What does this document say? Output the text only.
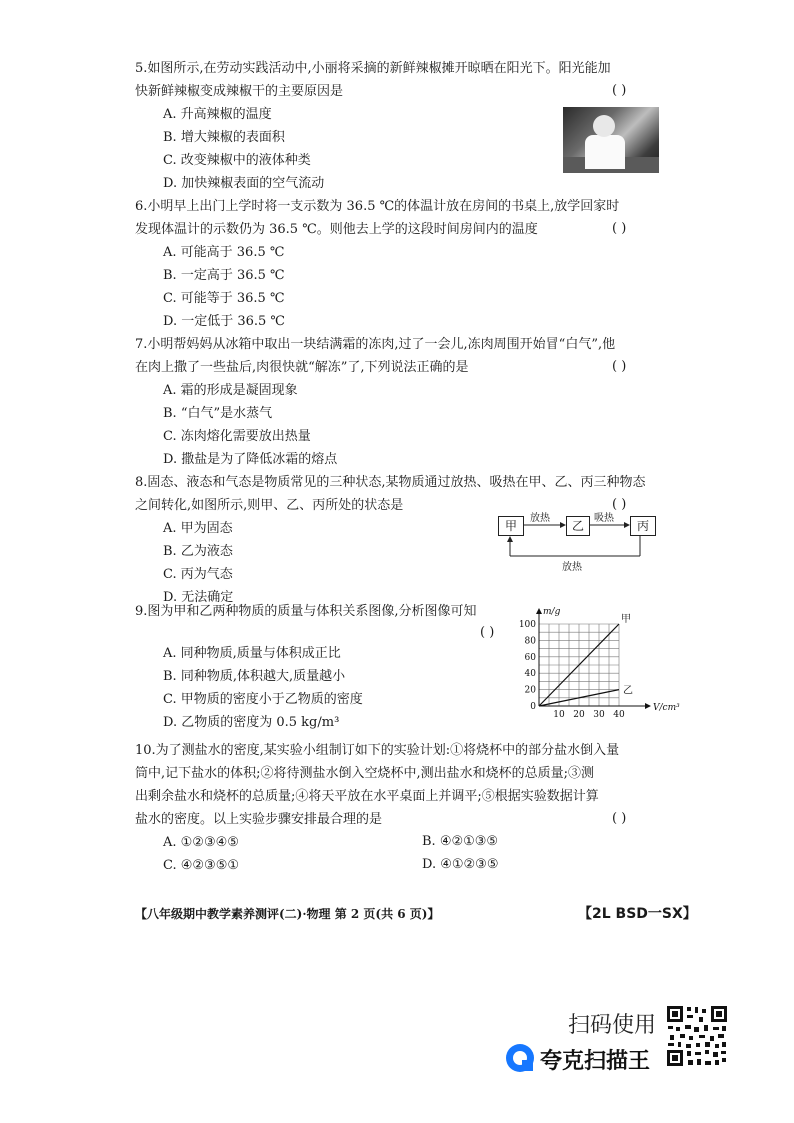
5.如图所示,在劳动实践活动中,小丽将采摘的新鲜辣椒摊开晾晒在阳光下。阳光能加
快新鲜辣椒变成辣椒干的主要原因是	( )
A. 升高辣椒的温度
B. 增大辣椒的表面积
C. 改变辣椒中的液体种类
D. 加快辣椒表面的空气流动
6.小明早上出门上学时将一支示数为 36.5 ℃的体温计放在房间的书桌上,放学回家时
发现体温计的示数仍为 36.5 ℃。则他去上学的这段时间房间内的温度	( )
A. 可能高于 36.5 ℃
B. 一定高于 36.5 ℃
C. 可能等于 36.5 ℃
D. 一定低于 36.5 ℃
7.小明帮妈妈从冰箱中取出一块结满霜的冻肉,过了一会儿,冻肉周围开始冒“白气”,他
在肉上撒了一些盐后,肉很快就“解冻”了,下列说法正确的是	( )
A. 霜的形成是凝固现象
B. “白气”是水蒸气
C. 冻肉熔化需要放出热量
D. 撒盐是为了降低冰霜的熔点
8.固态、液态和气态是物质常见的三种状态,某物质通过放热、吸热在甲、乙、丙三种物态
之间转化,如图所示,则甲、乙、丙所处的状态是	( )
A. 甲为固态
B. 乙为液态
C. 丙为气态
D. 无法确定
甲	乙	丙
放热	吸热
放热
9.图为甲和乙两种物质的质量与体积关系图像,分析图像可知
( )
A. 同种物质,质量与体积成正比
B. 同种物质,体积越大,质量越小
C. 甲物质的密度小于乙物质的密度
D. 乙物质的密度为 0.5 kg/m³
m/g
V/cm³
10 20 30 40
0
20
40
60
80
100	甲
乙
10.为了测盐水的密度,某实验小组制订如下的实验计划:①将烧杯中的部分盐水倒入量
筒中,记下盐水的体积;②将待测盐水倒入空烧杯中,测出盐水和烧杯的总质量;③测
出剩余盐水和烧杯的总质量;④将天平放在水平桌面上并调平;⑤根据实验数据计算
盐水的密度。以上实验步骤安排最合理的是	( )
A. ①②③④⑤	B. ④②①③⑤
C. ④②③⑤①	D. ④①②③⑤
【八年级期中教学素养测评(二)·物理 第 2 页(共 6 页)】	【2L BSD一SX】
扫码使用
夸克扫描王
